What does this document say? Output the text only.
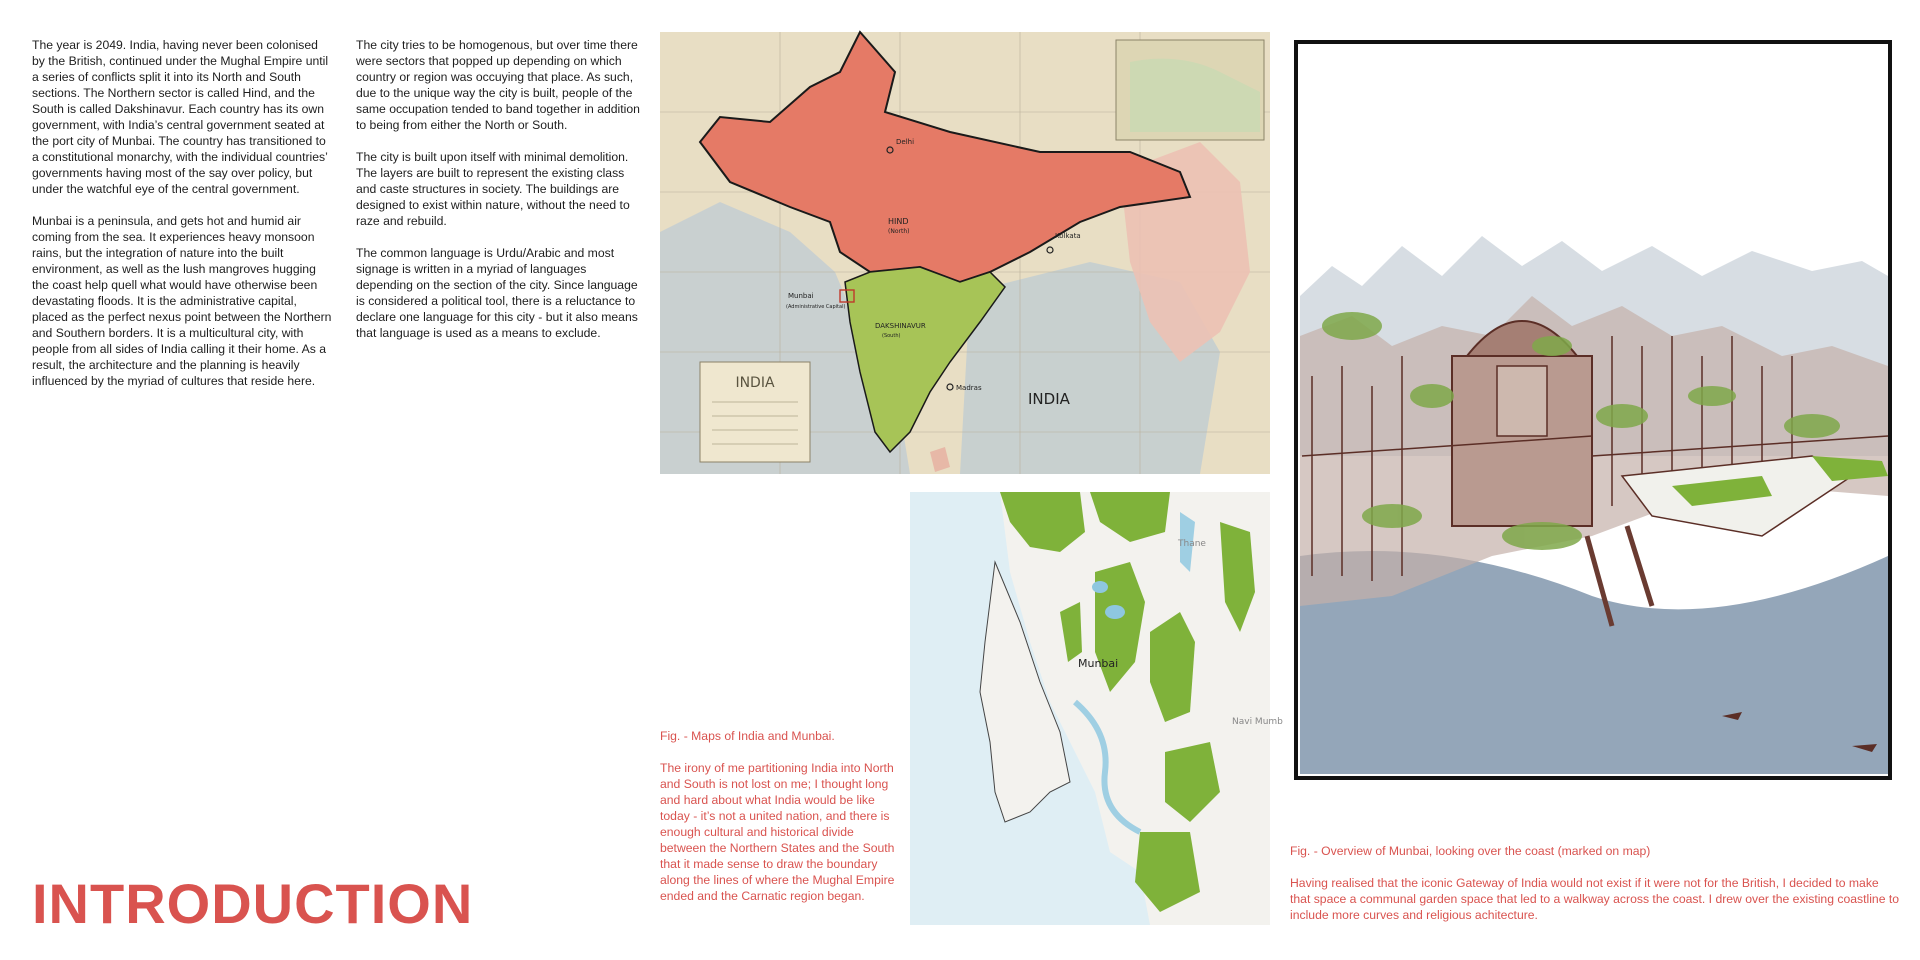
The year is 2049. India, having never been colonised by the British, continued under the Mughal Empire until a series of conflicts split it into its North and South sections. The Northern sector is called Hind, and the South is called Dakshinavur. Each country has its own government, with India’s central government seated at the port city of Munbai. The country has transitioned to a constitutional monarchy, with the individual countries’ governments having most of the say over policy, but under the watchful eye of the central government.

Munbai is a peninsula, and gets hot and humid air coming from the sea. It experiences heavy monsoon rains, but the integration of nature into the built environment, as well as the lush mangroves hugging the coast help quell what would have otherwise been devastating floods. It is the administrative capital, placed as the perfect nexus point between the Northern and Southern borders. It is a multicultural city, with people from all sides of India calling it their home. As a result, the architecture and the planning is heavily influenced by the myriad of cultures that reside here.

The city tries to be homogenous, but over time there were sectors that popped up depending on which country or region was occuying that place. As such, due to the unique way the city is built, people of the same occupation tended to band together in addition to being from either the North or South.

The city is built upon itself with minimal demolition. The layers are built to represent the existing class and caste structures in society. The buildings are designed to exist within nature, without the need to raze and rebuild.

The common language is Urdu/Arabic and most signage is written in a myriad of languages depending on the section of the city. Since language is considered a political tool, there is a reluctance to declare one language for this city - but it also means that language is used as a means to exclude.

INTRODUCTION
INDIA
Delhi
HIND
(North)
Kolkata
Munbai
(Administrative Capital)
DAKSHINAVUR
(South)
Madras
INDIA
Munbai
Thane
Navi Mumb

Fig. - Maps of India and Munbai.

The irony of me partitioning India into North and South is not lost on me; I thought long and hard about what India would be like today - it’s not a united nation, and there is enough cultural and historical divide between the Northern States and the South that it made sense to draw the boundary along the lines of where the Mughal Empire ended and the Carnatic region began.

Fig. - Overview of Munbai, looking over the coast (marked on map)

Having realised that the iconic Gateway of India would not exist if it were not for the British, I decided to make that space a communal garden space that led to a walkway across the coast. I drew over the existing coastline to include more curves and religious achitecture.
